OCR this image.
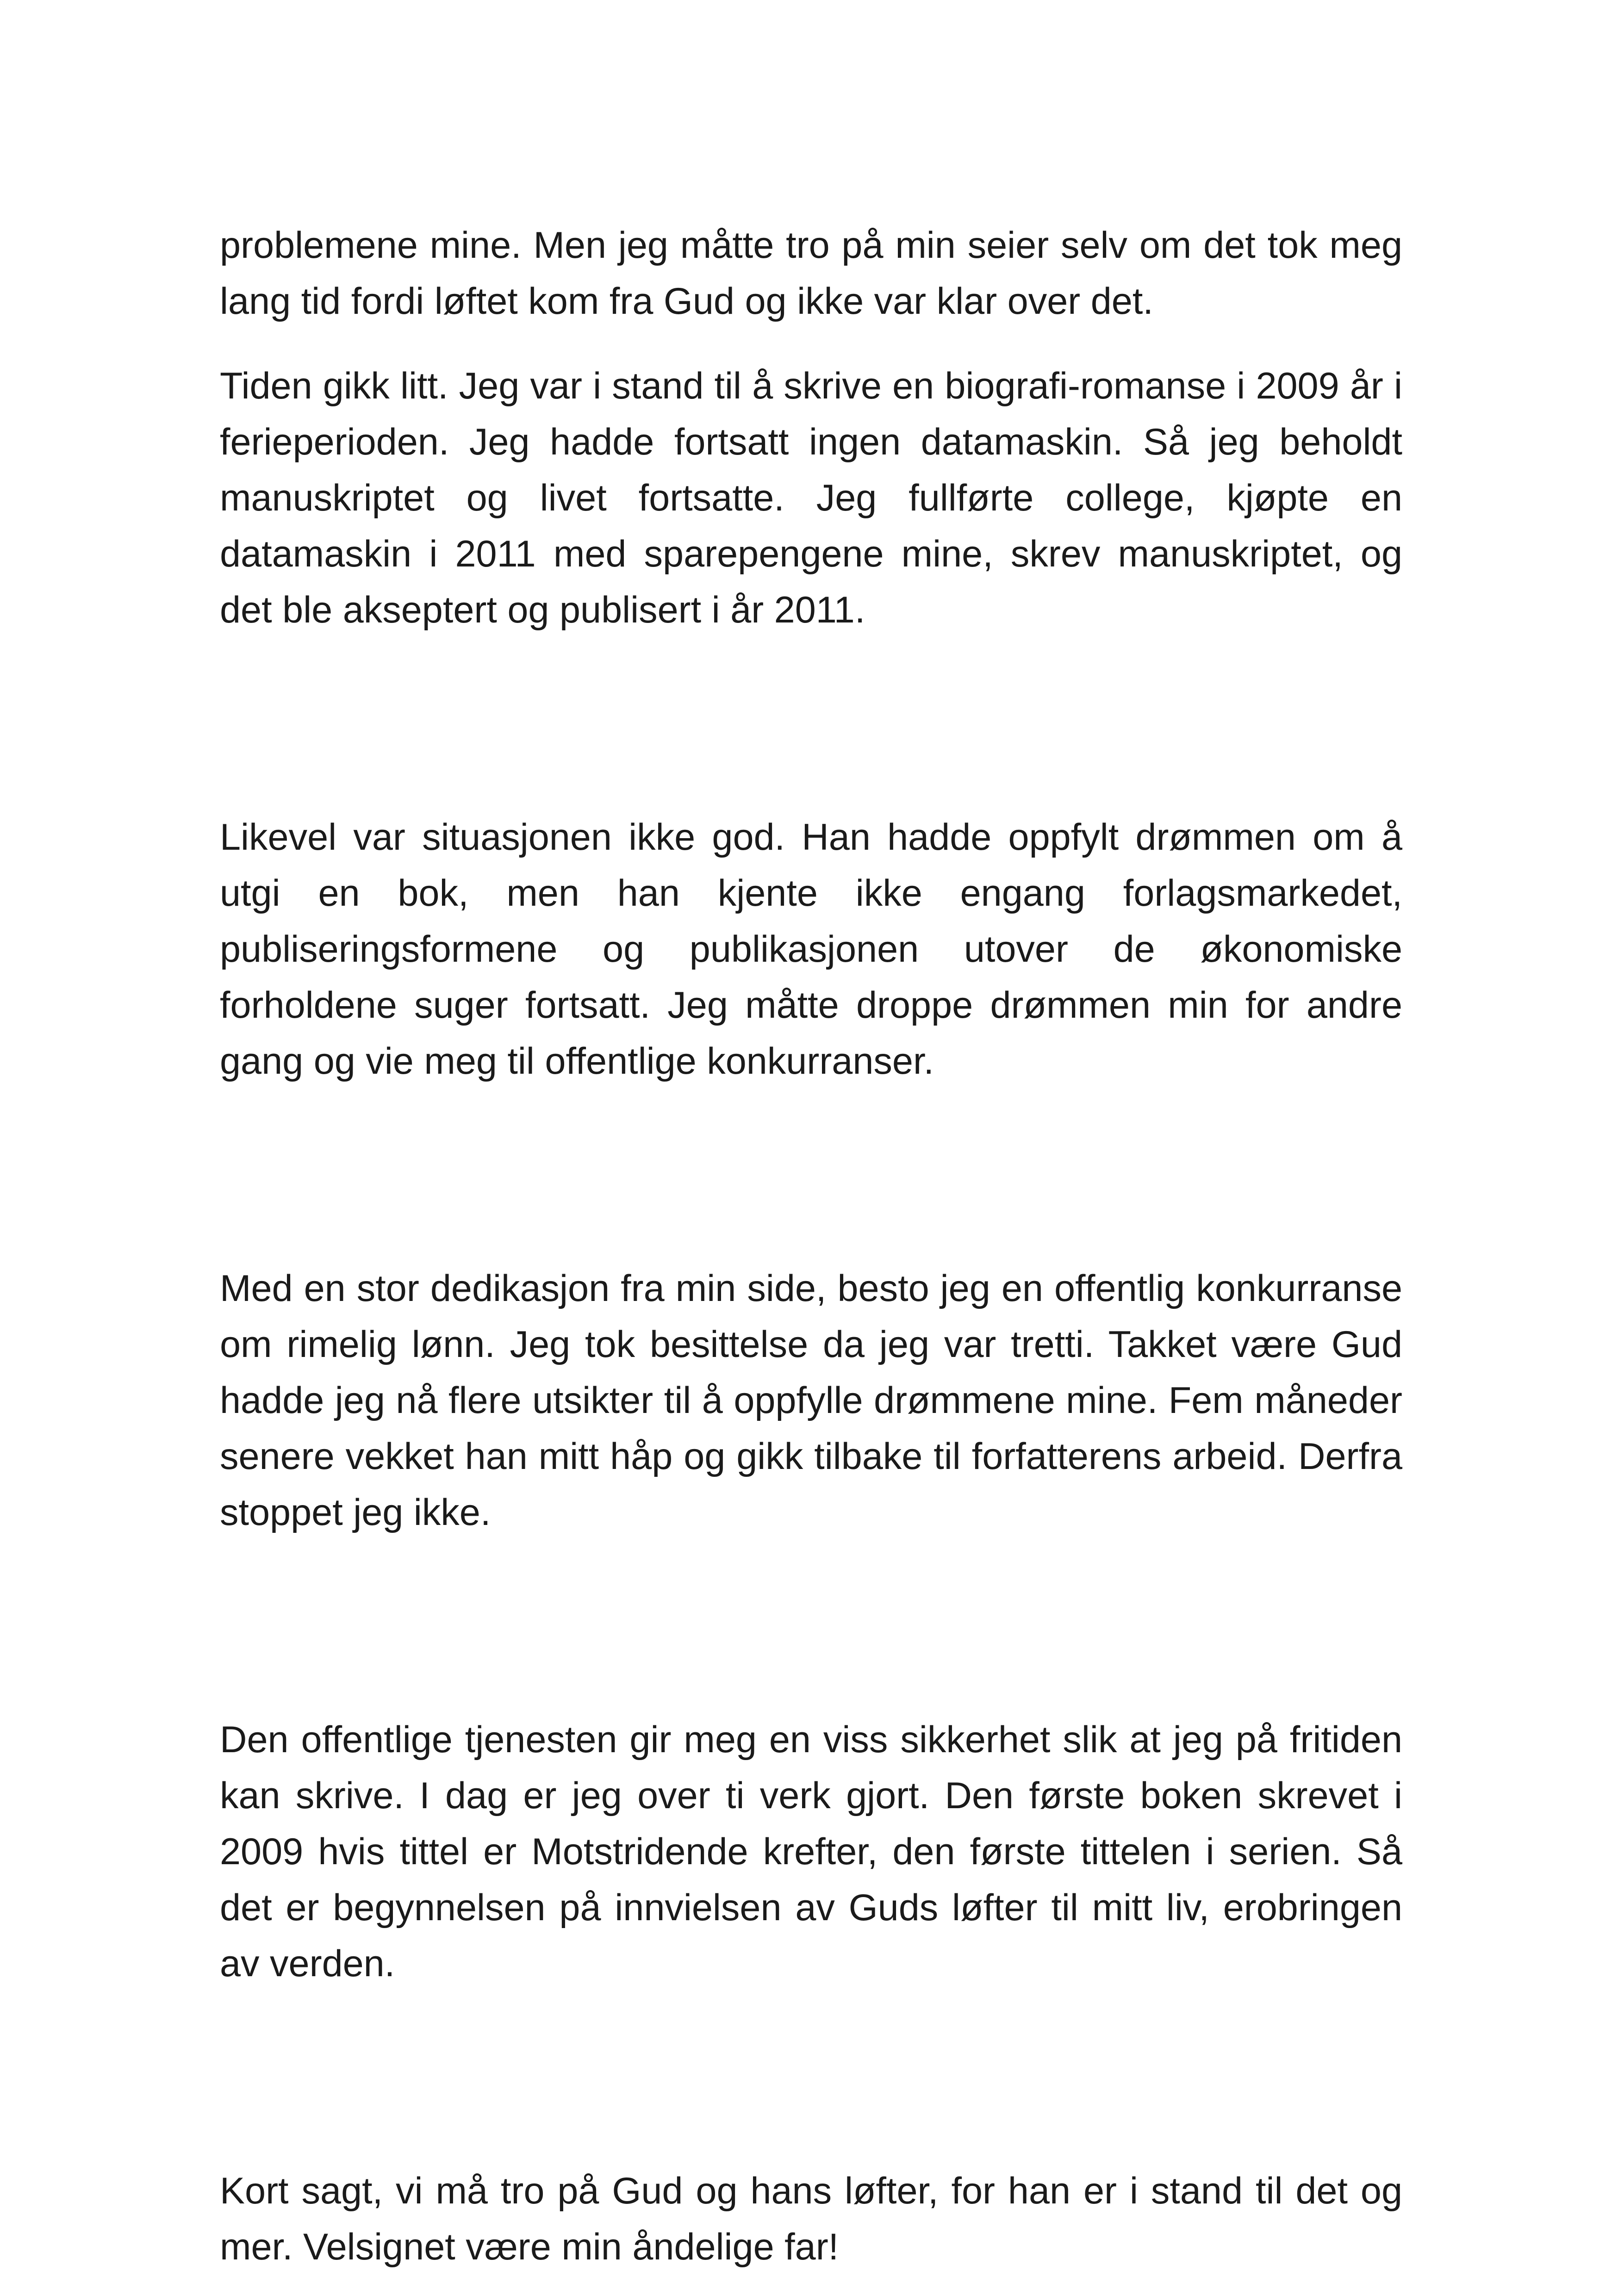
problemene mine. Men jeg måtte tro på min seier selv om det tok meg lang tid fordi løftet kom fra Gud og ikke var klar over det.

Tiden gikk litt. Jeg var i stand til å skrive en biografi-romanse i 2009 år i ferieperioden. Jeg hadde fortsatt ingen datamaskin. Så jeg beholdt manuskriptet og livet fortsatte. Jeg fullførte college, kjøpte en datamaskin i 2011 med sparepengene mine, skrev manuskriptet, og det ble akseptert og publisert i år 2011.

Likevel var situasjonen ikke god. Han hadde oppfylt drømmen om å utgi en bok, men han kjente ikke engang forlagsmarkedet, publiseringsformene og publikasjonen utover de økonomiske forholdene suger fortsatt. Jeg måtte droppe drømmen min for andre gang og vie meg til offentlige konkurranser.

Med en stor dedikasjon fra min side, besto jeg en offentlig konkurranse om rimelig lønn. Jeg tok besittelse da jeg var tretti. Takket være Gud hadde jeg nå flere utsikter til å oppfylle drømmene mine. Fem måneder senere vekket han mitt håp og gikk tilbake til forfatterens arbeid. Derfra stoppet jeg ikke.

Den offentlige tjenesten gir meg en viss sikkerhet slik at jeg på fritiden kan skrive. I dag er jeg over ti verk gjort. Den første boken skrevet i 2009 hvis tittel er Motstridende krefter, den første tittelen i serien. Så det er begynnelsen på innvielsen av Guds løfter til mitt liv, erobringen av verden.

Kort sagt, vi må tro på Gud og hans løfter, for han er i stand til det og mer. Velsignet være min åndelige far!
